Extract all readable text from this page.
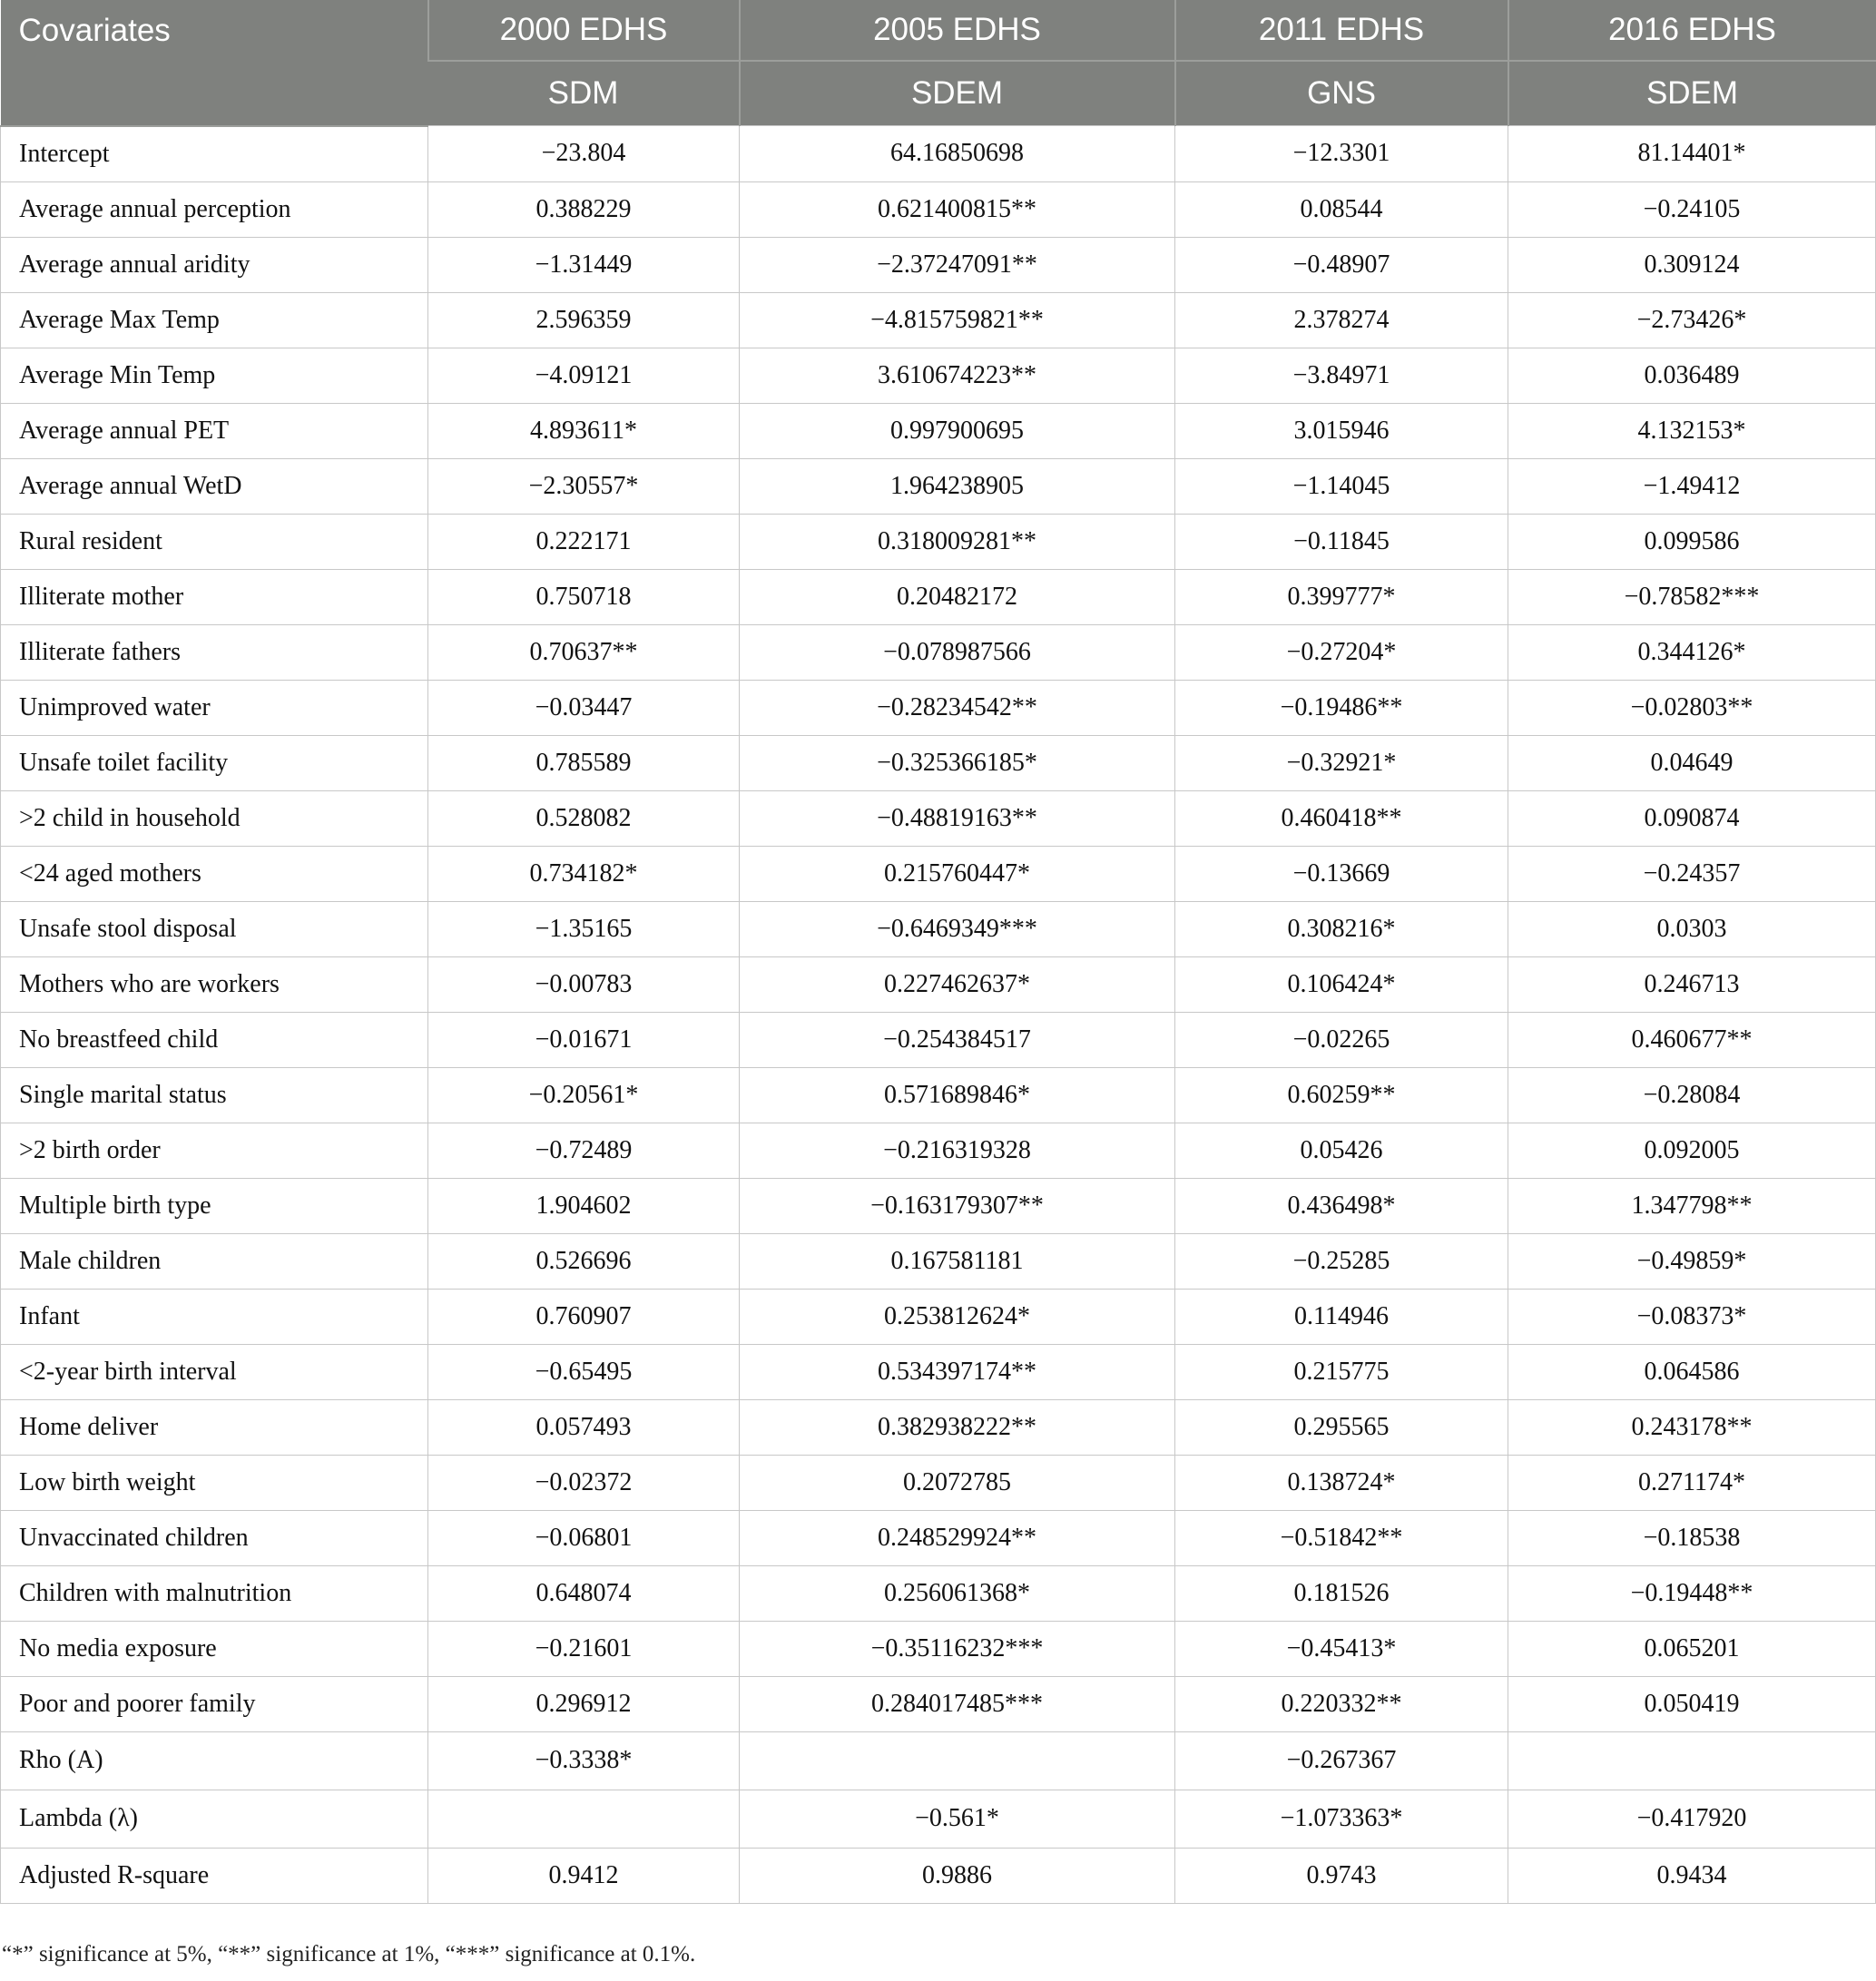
Covariates	2000 EDHS	2005 EDHS	2011 EDHS	2016 EDHS
	SDM	SDEM	GNS	SDEM
Intercept	−23.804	64.16850698	−12.3301	81.14401*
Average annual perception	0.388229	0.621400815**	0.08544	−0.24105
Average annual aridity	−1.31449	−2.37247091**	−0.48907	0.309124
Average Max Temp	2.596359	−4.815759821**	2.378274	−2.73426*
Average Min Temp	−4.09121	3.610674223**	−3.84971	0.036489
Average annual PET	4.893611*	0.997900695	3.015946	4.132153*
Average annual WetD	−2.30557*	1.964238905	−1.14045	−1.49412
Rural resident	0.222171	0.318009281**	−0.11845	0.099586
Illiterate mother	0.750718	0.20482172	0.399777*	−0.78582***
Illiterate fathers	0.70637**	−0.078987566	−0.27204*	0.344126*
Unimproved water	−0.03447	−0.28234542**	−0.19486**	−0.02803**
Unsafe toilet facility	0.785589	−0.325366185*	−0.32921*	0.04649
>2 child in household	0.528082	−0.48819163**	0.460418**	0.090874
<24 aged mothers	0.734182*	0.215760447*	−0.13669	−0.24357
Unsafe stool disposal	−1.35165	−0.6469349***	0.308216*	0.0303
Mothers who are workers	−0.00783	0.227462637*	0.106424*	0.246713
No breastfeed child	−0.01671	−0.254384517	−0.02265	0.460677**
Single marital status	−0.20561*	0.571689846*	0.60259**	−0.28084
>2 birth order	−0.72489	−0.216319328	0.05426	0.092005
Multiple birth type	1.904602	−0.163179307**	0.436498*	1.347798**
Male children	0.526696	0.167581181	−0.25285	−0.49859*
Infant	0.760907	0.253812624*	0.114946	−0.08373*
<2-year birth interval	−0.65495	0.534397174**	0.215775	0.064586
Home deliver	0.057493	0.382938222**	0.295565	0.243178**
Low birth weight	−0.02372	0.2072785	0.138724*	0.271174*
Unvaccinated children	−0.06801	0.248529924**	−0.51842**	−0.18538
Children with malnutrition	0.648074	0.256061368*	0.181526	−0.19448**
No media exposure	−0.21601	−0.35116232***	−0.45413*	0.065201
Poor and poorer family	0.296912	0.284017485***	0.220332**	0.050419
Rho (Α)	−0.3338*		−0.267367	
Lambda (λ)		−0.561*	−1.073363*	−0.417920
Adjusted R-square	0.9412	0.9886	0.9743	0.9434
“*” significance at 5%, “**” significance at 1%, “***” significance at 0.1%.
